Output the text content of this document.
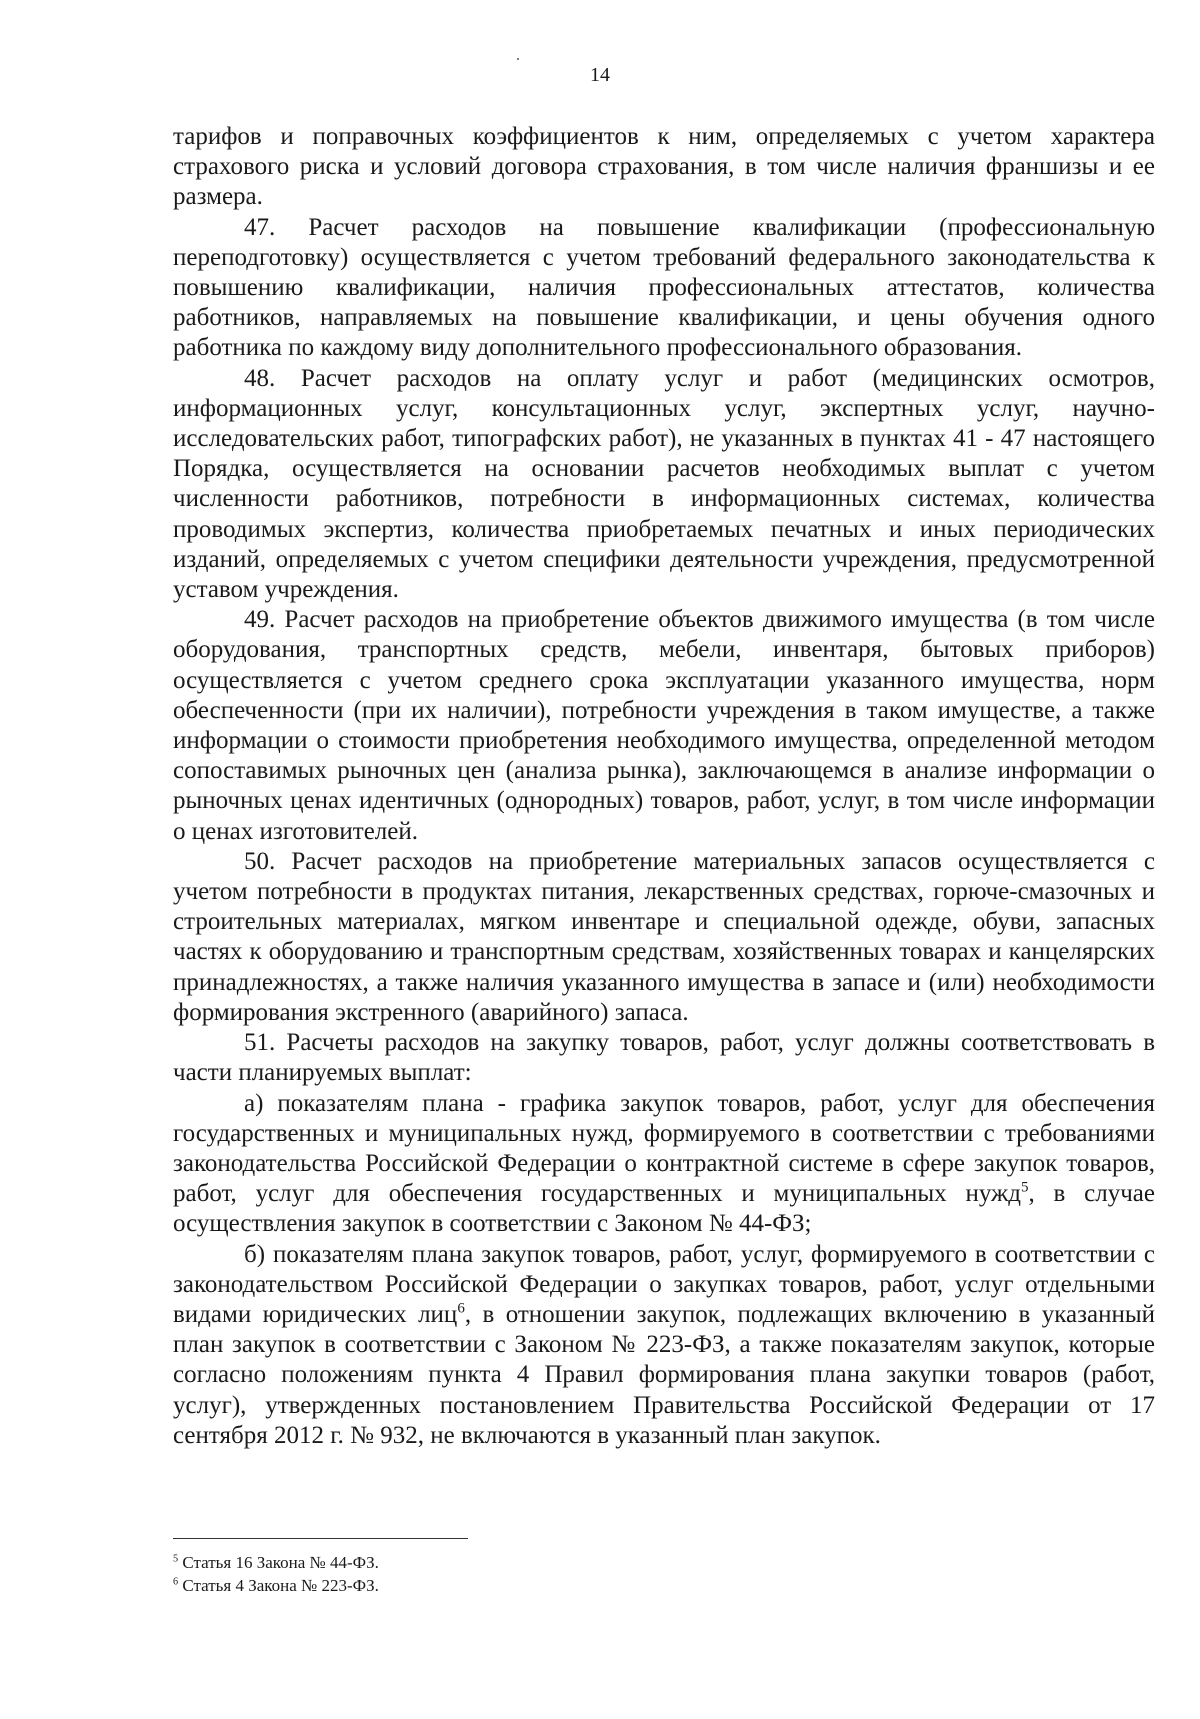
14

тарифов и поправочных коэффициентов к ним, определяемых с учетом характера страхового риска и условий договора страхования, в том числе наличия франшизы и ее размера.

47. Расчет расходов на повышение квалификации (профессиональную переподготовку) осуществляется с учетом требований федерального законодательства к повышению квалификации, наличия профессиональных аттестатов, количества работников, направляемых на повышение квалификации, и цены обучения одного работника по каждому виду дополнительного профессионального образования.

48. Расчет расходов на оплату услуг и работ (медицинских осмотров, информационных услуг, консультационных услуг, экспертных услуг, научно-исследовательских работ, типографских работ), не указанных в пунктах 41 - 47 настоящего Порядка, осуществляется на основании расчетов необходимых выплат с учетом численности работников, потребности в информационных системах, количества проводимых экспертиз, количества приобретаемых печатных и иных периодических изданий, определяемых с учетом специфики деятельности учреждения, предусмотренной уставом учреждения.

49. Расчет расходов на приобретение объектов движимого имущества (в том числе оборудования, транспортных средств, мебели, инвентаря, бытовых приборов) осуществляется с учетом среднего срока эксплуатации указанного имущества, норм обеспеченности (при их наличии), потребности учреждения в таком имуществе, а также информации о стоимости приобретения необходимого имущества, определенной методом сопоставимых рыночных цен (анализа рынка), заключающемся в анализе информации о рыночных ценах идентичных (однородных) товаров, работ, услуг, в том числе информации о ценах изготовителей.

50. Расчет расходов на приобретение материальных запасов осуществляется с учетом потребности в продуктах питания, лекарственных средствах, горюче-смазочных и строительных материалах, мягком инвентаре и специальной одежде, обуви, запасных частях к оборудованию и транспортным средствам, хозяйственных товарах и канцелярских принадлежностях, а также наличия указанного имущества в запасе и (или) необходимости формирования экстренного (аварийного) запаса.

51. Расчеты расходов на закупку товаров, работ, услуг должны соответствовать в части планируемых выплат:

а) показателям плана - графика закупок товаров, работ, услуг для обеспечения государственных и муниципальных нужд, формируемого в соответствии с требованиями законодательства Российской Федерации о контрактной системе в сфере закупок товаров, работ, услуг для обеспечения государственных и муниципальных нужд$^5$, в случае осуществления закупок в соответствии с Законом № 44-ФЗ;

б) показателям плана закупок товаров, работ, услуг, формируемого в соответствии с законодательством Российской Федерации о закупках товаров, работ, услуг отдельными видами юридических лиц$^6$, в отношении закупок, подлежащих включению в указанный план закупок в соответствии с Законом № 223-ФЗ, а также показателям закупок, которые согласно положениям пункта 4 Правил формирования плана закупки товаров (работ, услуг), утвержденных постановлением Правительства Российской Федерации от 17 сентября 2012 г. № 932, не включаются в указанный план закупок.

$^5$ Статья 16 Закона № 44-ФЗ.

$^6$ Статья 4 Закона № 223-ФЗ.
